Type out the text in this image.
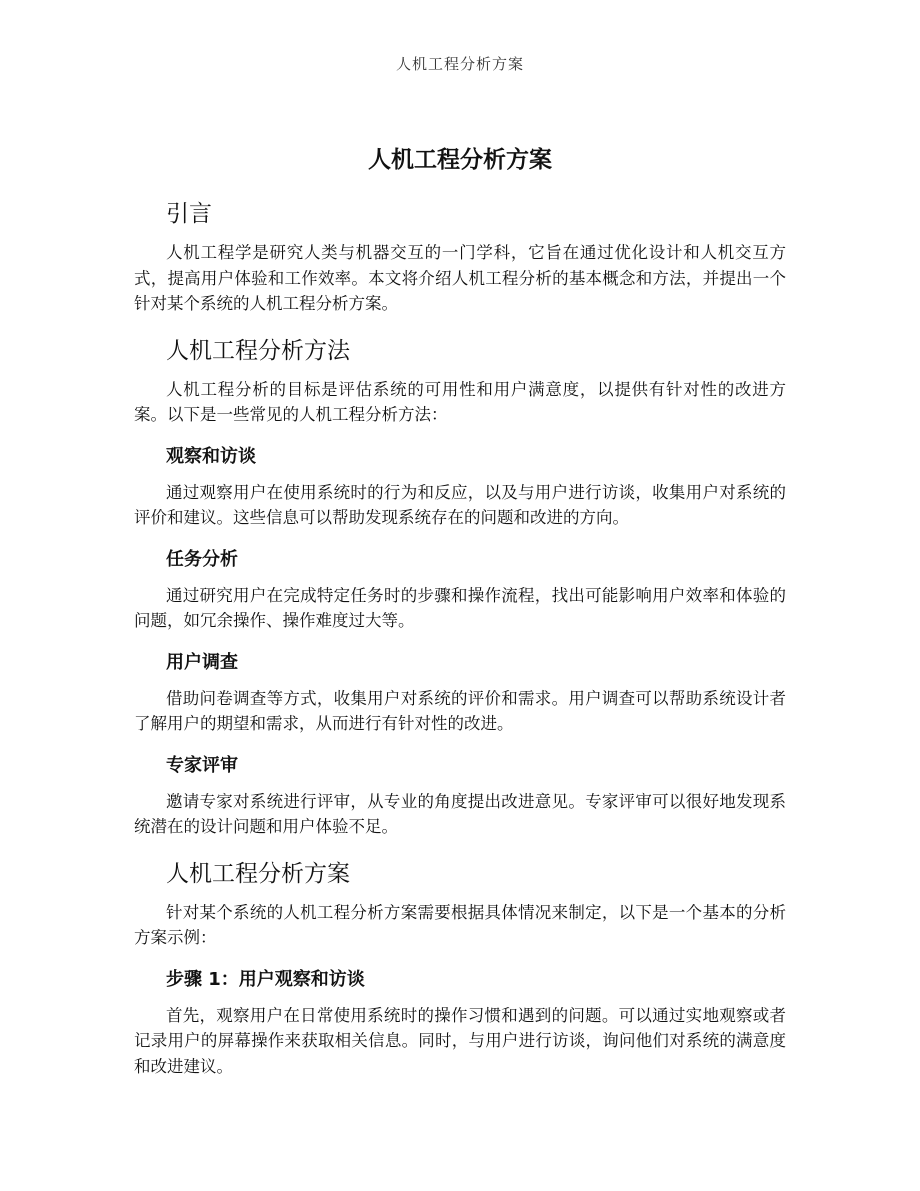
人机工程分析方案
人机工程分析方案
引言

人机工程学是研究人类与机器交互的一门学科，它旨在通过优化设计和人机交互方式，提高用户体验和工作效率。本文将介绍人机工程分析的基本概念和方法，并提出一个针对某个系统的人机工程分析方案。

人机工程分析方法

人机工程分析的目标是评估系统的可用性和用户满意度，以提供有针对性的改进方案。以下是一些常见的人机工程分析方法：

观察和访谈

通过观察用户在使用系统时的行为和反应，以及与用户进行访谈，收集用户对系统的评价和建议。这些信息可以帮助发现系统存在的问题和改进的方向。

任务分析

通过研究用户在完成特定任务时的步骤和操作流程，找出可能影响用户效率和体验的问题，如冗余操作、操作难度过大等。

用户调查

借助问卷调查等方式，收集用户对系统的评价和需求。用户调查可以帮助系统设计者了解用户的期望和需求，从而进行有针对性的改进。

专家评审

邀请专家对系统进行评审，从专业的角度提出改进意见。专家评审可以很好地发现系统潜在的设计问题和用户体验不足。

人机工程分析方案

针对某个系统的人机工程分析方案需要根据具体情况来制定，以下是一个基本的分析方案示例：

步骤 1：用户观察和访谈

首先，观察用户在日常使用系统时的操作习惯和遇到的问题。可以通过实地观察或者记录用户的屏幕操作来获取相关信息。同时，与用户进行访谈，询问他们对系统的满意度和改进建议。
